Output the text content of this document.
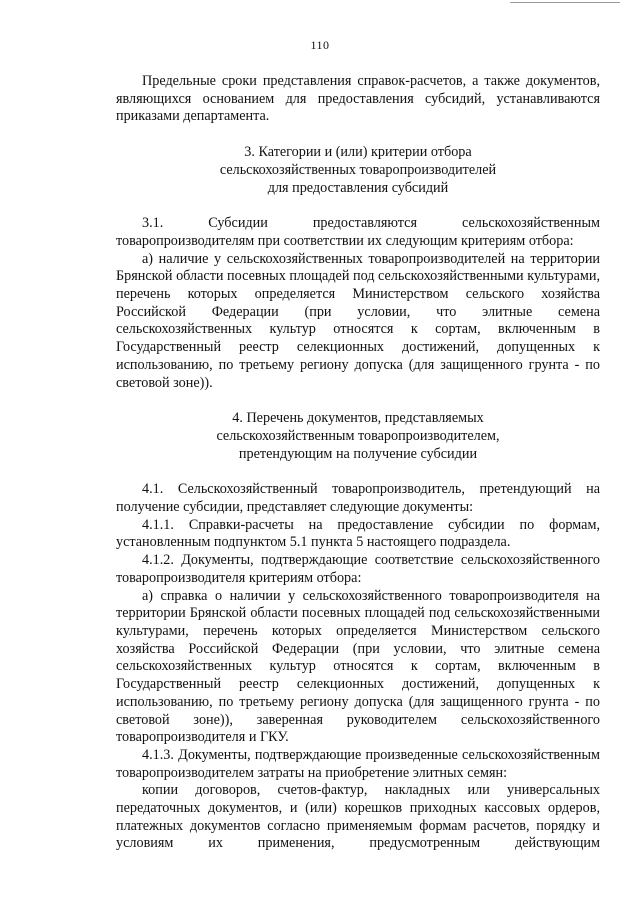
110

Предельные сроки представления справок-расчетов, а также документов, являющихся основанием для предоставления субсидий, устанавливаются приказами департамента.

3. Категории и (или) критерии отбора

сельскохозяйственных товаропроизводителей

для предоставления субсидий

3.1. Субсидии предоставляются сельскохозяйственным товаропроизводителям при соответствии их следующим критериям отбора:

а) наличие у сельскохозяйственных товаропроизводителей на территории Брянской области посевных площадей под сельскохозяйственными культурами, перечень которых определяется Министерством сельского хозяйства Российской Федерации (при условии, что элитные семена сельскохозяйственных культур относятся к сортам, включенным в Государственный реестр селекционных достижений, допущенных к использованию, по третьему региону допуска (для защищенного грунта - по световой зоне)).

4. Перечень документов, представляемых

сельскохозяйственным товаропроизводителем,

претендующим на получение субсидии

4.1. Сельскохозяйственный товаропроизводитель, претендующий на получение субсидии, представляет следующие документы:

4.1.1. Справки-расчеты на предоставление субсидии по формам, установленным подпунктом 5.1 пункта 5 настоящего подраздела.

4.1.2. Документы, подтверждающие соответствие сельскохозяйственного товаропроизводителя критериям отбора:

а) справка о наличии у сельскохозяйственного товаропроизводителя на территории Брянской области посевных площадей под сельскохозяйственными культурами, перечень которых определяется Министерством сельского хозяйства Российской Федерации (при условии, что элитные семена сельскохозяйственных культур относятся к сортам, включенным в Государственный реестр селекционных достижений, допущенных к использованию, по третьему региону допуска (для защищенного грунта - по световой зоне)), заверенная руководителем сельскохозяйственного товаропроизводителя и ГКУ.

4.1.3. Документы, подтверждающие произведенные сельскохозяйственным товаропроизводителем затраты на приобретение элитных семян:

копии договоров, счетов-фактур, накладных или универсальных передаточных документов, и (или) корешков приходных кассовых ордеров, платежных документов согласно применяемым формам расчетов, порядку и условиям их применения, предусмотренным действующим
